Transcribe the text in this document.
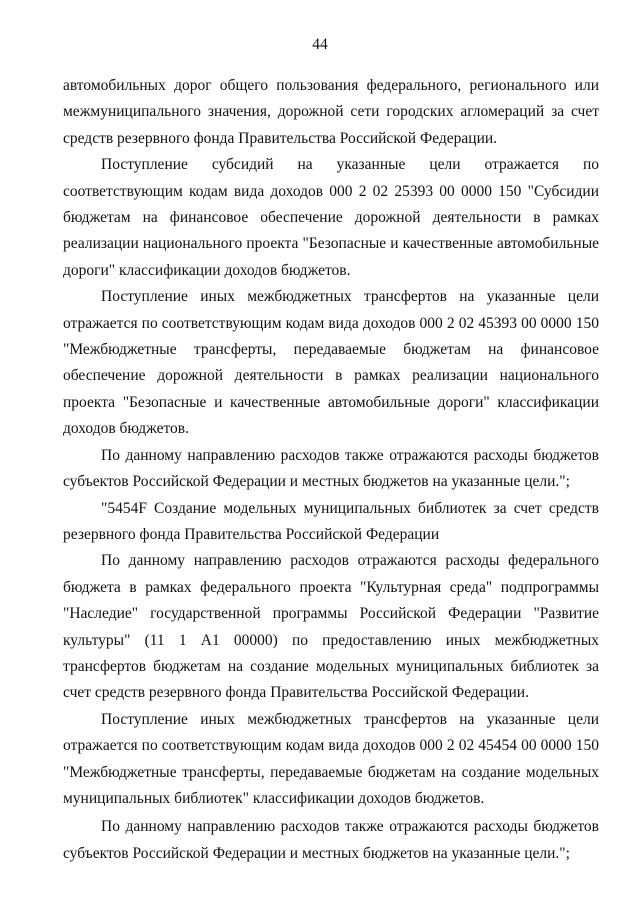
44

автомобильных дорог общего пользования федерального, регионального или межмуниципального значения, дорожной сети городских агломераций за счет средств резервного фонда Правительства Российской Федерации.

Поступление субсидий на указанные цели отражается по соответствующим кодам вида доходов 000 2 02 25393 00 0000 150 "Субсидии бюджетам на финансовое обеспечение дорожной деятельности в рамках реализации национального проекта "Безопасные и качественные автомобильные дороги" классификации доходов бюджетов.

Поступление иных межбюджетных трансфертов на указанные цели отражается по соответствующим кодам вида доходов 000 2 02 45393 00 0000 150 "Межбюджетные трансферты, передаваемые бюджетам на финансовое обеспечение дорожной деятельности в рамках реализации национального проекта "Безопасные и качественные автомобильные дороги" классификации доходов бюджетов.

По данному направлению расходов также отражаются расходы бюджетов субъектов Российской Федерации и местных бюджетов на указанные цели.";

"5454F Создание модельных муниципальных библиотек за счет средств резервного фонда Правительства Российской Федерации

По данному направлению расходов отражаются расходы федерального бюджета в рамках федерального проекта "Культурная среда" подпрограммы "Наследие" государственной программы Российской Федерации "Развитие культуры" (11 1 A1 00000) по предоставлению иных межбюджетных трансфертов бюджетам на создание модельных муниципальных библиотек за счет средств резервного фонда Правительства Российской Федерации.

Поступление иных межбюджетных трансфертов на указанные цели отражается по соответствующим кодам вида доходов 000 2 02 45454 00 0000 150 "Межбюджетные трансферты, передаваемые бюджетам на создание модельных муниципальных библиотек" классификации доходов бюджетов.

По данному направлению расходов также отражаются расходы бюджетов субъектов Российской Федерации и местных бюджетов на указанные цели.";
